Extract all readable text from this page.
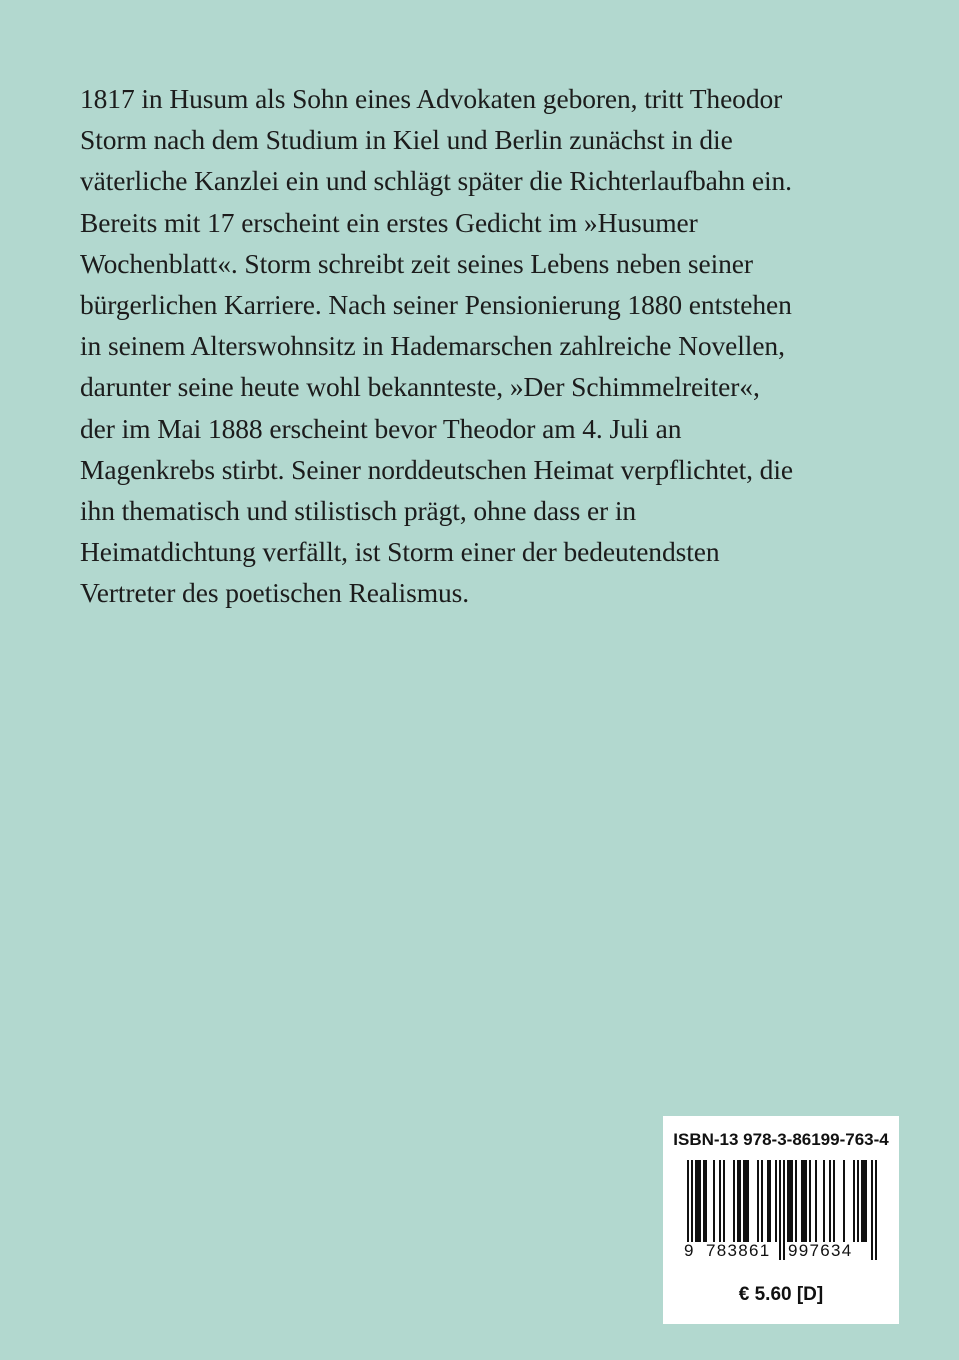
1817 in Husum als Sohn eines Advokaten geboren, tritt Theodor
Storm nach dem Studium in Kiel und Berlin zunächst in die
väterliche Kanzlei ein und schlägt später die Richterlaufbahn ein.
Bereits mit 17 erscheint ein erstes Gedicht im »Husumer
Wochenblatt«. Storm schreibt zeit seines Lebens neben seiner
bürgerlichen Karriere. Nach seiner Pensionierung 1880 entstehen
in seinem Alterswohnsitz in Hademarschen zahlreiche Novellen,
darunter seine heute wohl bekannteste, »Der Schimmelreiter«,
der im Mai 1888 erscheint bevor Theodor am 4. Juli an
Magenkrebs stirbt. Seiner norddeutschen Heimat verpflichtet, die
ihn thematisch und stilistisch prägt, ohne dass er in
Heimatdichtung verfällt, ist Storm einer der bedeutendsten
Vertreter des poetischen Realismus.
ISBN-13 978-3-86199-763-4
9 783861 997634
€ 5.60 [D]
